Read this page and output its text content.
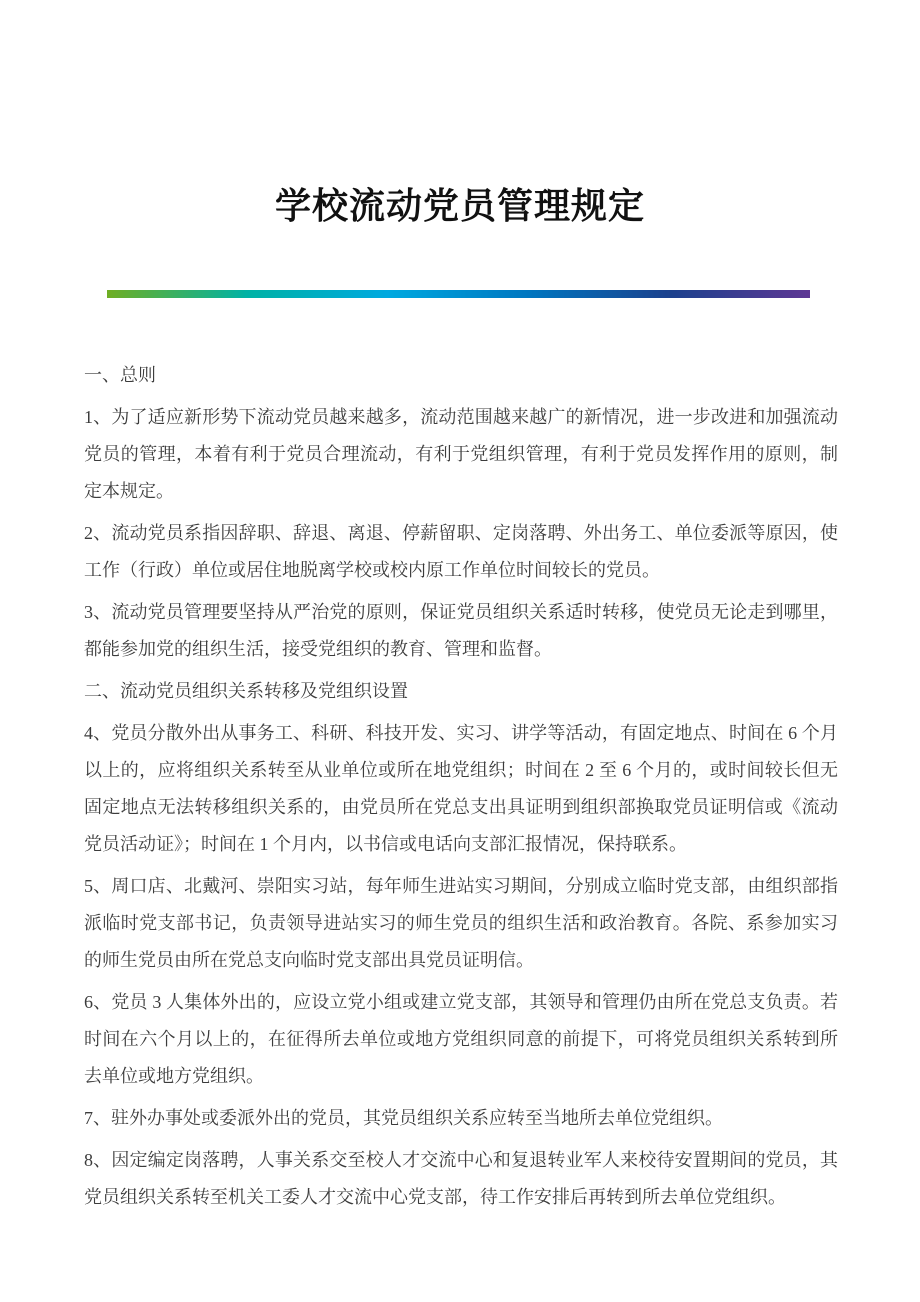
学校流动党员管理规定

一、总则

1、为了适应新形势下流动党员越来越多，流动范围越来越广的新情况，进一步改进和加强流动党员的管理，本着有利于党员合理流动，有利于党组织管理，有利于党员发挥作用的原则，制定本规定。

2、流动党员系指因辞职、辞退、离退、停薪留职、定岗落聘、外出务工、单位委派等原因，使工作（行政）单位或居住地脱离学校或校内原工作单位时间较长的党员。

3、流动党员管理要坚持从严治党的原则，保证党员组织关系适时转移，使党员无论走到哪里，都能参加党的组织生活，接受党组织的教育、管理和监督。

二、流动党员组织关系转移及党组织设置

4、党员分散外出从事务工、科研、科技开发、实习、讲学等活动，有固定地点、时间在 6 个月以上的，应将组织关系转至从业单位或所在地党组织；时间在 2 至 6 个月的，或时间较长但无固定地点无法转移组织关系的，由党员所在党总支出具证明到组织部换取党员证明信或《流动党员活动证》；时间在 1 个月内，以书信或电话向支部汇报情况，保持联系。

5、周口店、北戴河、崇阳实习站，每年师生进站实习期间，分别成立临时党支部，由组织部指派临时党支部书记，负责领导进站实习的师生党员的组织生活和政治教育。各院、系参加实习的师生党员由所在党总支向临时党支部出具党员证明信。

6、党员 3 人集体外出的，应设立党小组或建立党支部，其领导和管理仍由所在党总支负责。若时间在六个月以上的，在征得所去单位或地方党组织同意的前提下，可将党员组织关系转到所去单位或地方党组织。

7、驻外办事处或委派外出的党员，其党员组织关系应转至当地所去单位党组织。

8、因定编定岗落聘，人事关系交至校人才交流中心和复退转业军人来校待安置期间的党员，其党员组织关系转至机关工委人才交流中心党支部，待工作安排后再转到所去单位党组织。
